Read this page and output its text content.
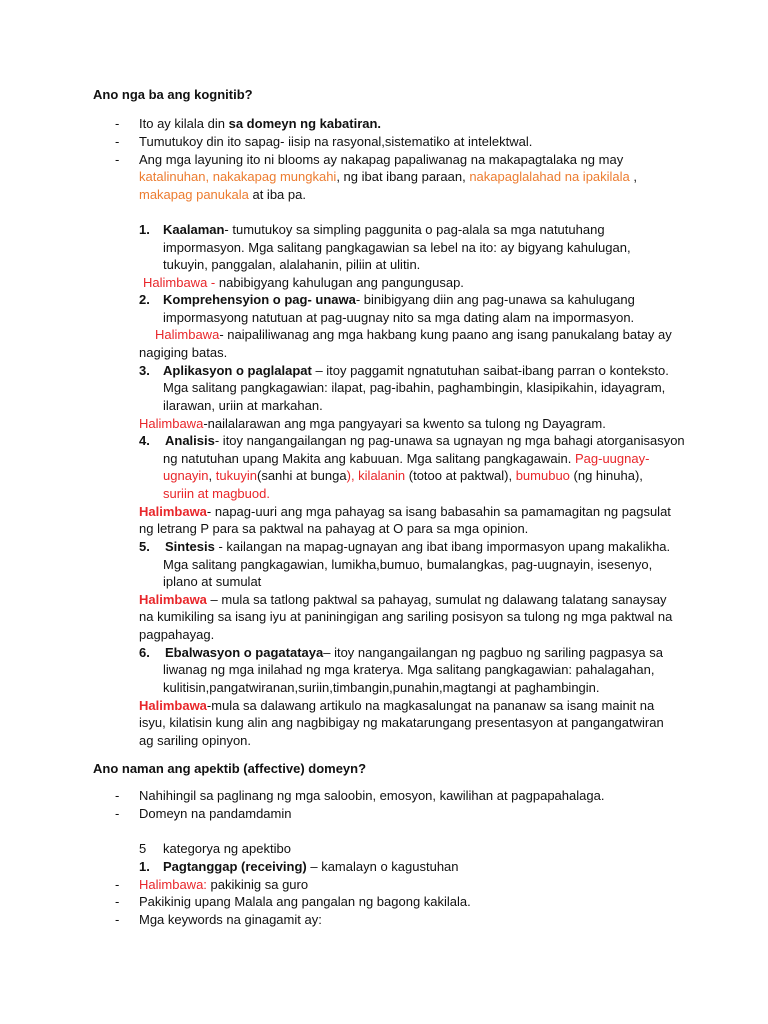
Ano nga ba ang kognitib?
- Ito ay kilala din sa domeyn ng kabatiran.
- Tumutukoy din ito sapag- iisip na rasyonal,sistematiko at intelektwal.
- Ang mga layuning ito ni blooms ay nakapag papaliwanag na makapagtalaka ng may
katalinuhan, nakakapag mungkahi, ng ibat ibang paraan, nakapaglalahad na ipakilala ,
makapag panukala at iba pa.
1. Kaalaman- tumutukoy sa simpling paggunita o pag-alala sa mga natutuhang
impormasyon. Mga salitang pangkagawian sa lebel na ito: ay bigyang kahulugan,
tukuyin, panggalan, alalahanin, piliin at ulitin.
Halimbawa - nabibigyang kahulugan ang pangungusap.
2. Komprehensyion o pag- unawa- binibigyang diin ang pag-unawa sa kahulugang
impormasyong natutuan at pag-uugnay nito sa mga dating alam na impormasyon.
Halimbawa- naipaliliwanag ang mga hakbang kung paano ang isang panukalang batay ay
nagiging batas.
3. Aplikasyon o paglalapat – itoy paggamit ngnatutuhan saibat-ibang parran o konteksto.
Mga salitang pangkagawian: ilapat, pag-ibahin, paghambingin, klasipikahin, idayagram,
ilarawan, uriin at markahan.
Halimbawa-nailalarawan ang mga pangyayari sa kwento sa tulong ng Dayagram.
4. Analisis- itoy nangangailangan ng pag-unawa sa ugnayan ng mga bahagi atorganisasyon
ng natutuhan upang Makita ang kabuuan. Mga salitang pangkagawain. Pag-uugnay-
ugnayin, tukuyin(sanhi at bunga), kilalanin (totoo at paktwal), bumubuo (ng hinuha),
suriin at magbuod.
Halimbawa- napag-uuri ang mga pahayag sa isang babasahin sa pamamagitan ng pagsulat
ng letrang P para sa paktwal na pahayag at O para sa mga opinion.
5. Sintesis - kailangan na mapag-ugnayan ang ibat ibang impormasyon upang makalikha.
Mga salitang pangkagawian, lumikha,bumuo, bumalangkas, pag-uugnayin, isesenyo,
iplano at sumulat
Halimbawa – mula sa tatlong paktwal sa pahayag, sumulat ng dalawang talatang sanaysay
na kumikiling sa isang iyu at paniningigan ang sariling posisyon sa tulong ng mga paktwal na
pagpahayag.
6. Ebalwasyon o pagatataya– itoy nangangailangan ng pagbuo ng sariling pagpasya sa
liwanag ng mga inilahad ng mga kraterya. Mga salitang pangkagawian: pahalagahan,
kulitisin,pangatwiranan,suriin,timbangin,punahin,magtangi at paghambingin.
Halimbawa-mula sa dalawang artikulo na magkasalungat na pananaw sa isang mainit na
isyu, kilatisin kung alin ang nagbibigay ng makatarungang presentasyon at pangangatwiran
ag sariling opinyon.
Ano naman ang apektib (affective) domeyn?
- Nahihingil sa paglinang ng mga saloobin, emosyon, kawilihan at pagpapahalaga.
- Domeyn na pandamdamin
5 kategorya ng apektibo
1. Pagtanggap (receiving) – kamalayn o kagustuhan
- Halimbawa: pakikinig sa guro
- Pakikinig upang Malala ang pangalan ng bagong kakilala.
- Mga keywords na ginagamit ay:
